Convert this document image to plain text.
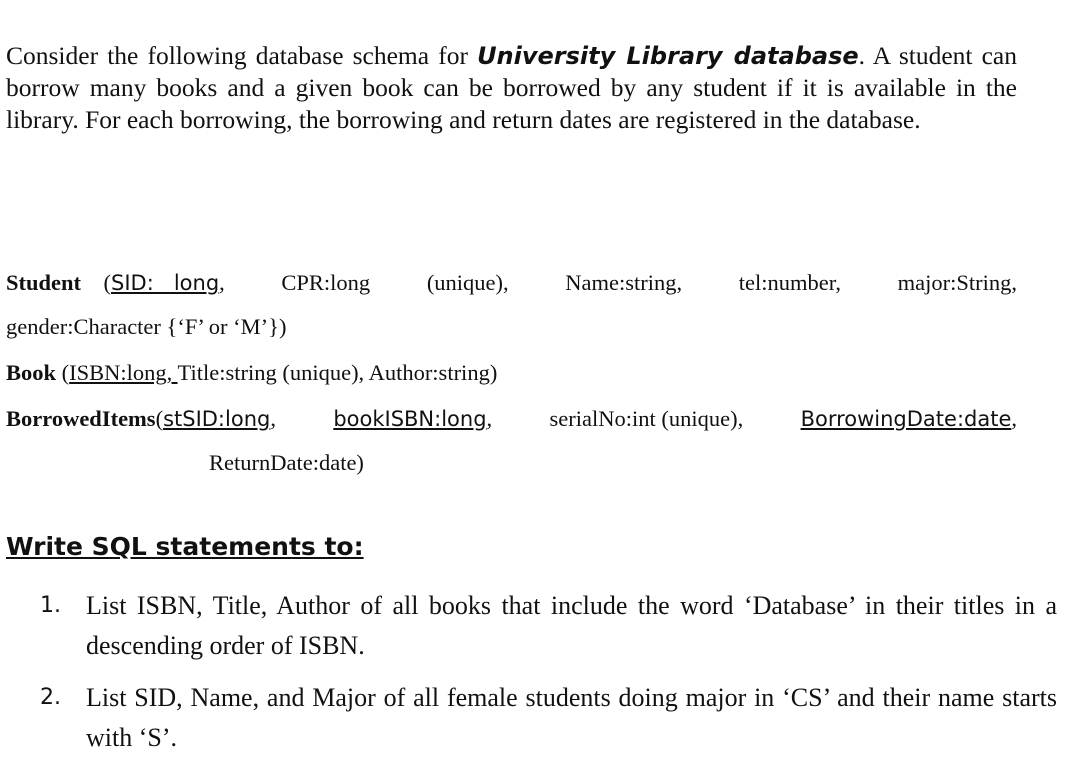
Consider the following database schema for University Library database. A student can borrow many books and a given book can be borrowed by any student if it is available in the library. For each borrowing, the borrowing and return dates are registered in the database.
Student (SID:   long,	CPR:long	(unique),	Name:string,	tel:number,	major:String,
gender:Character {‘F’ or ‘M’})
Book (ISBN:long, Title:string (unique), Author:string)
BorrowedItems(stSID:long,	bookISBN:long,	serialNo:int (unique),	BorrowingDate:date,
ReturnDate:date)
Write SQL statements to:
1. List ISBN, Title, Author of all books that include the word ‘Database’ in their titles in a descending order of ISBN.
2. List SID, Name, and Major of all female students doing major in ‘CS’ and their name starts with ‘S’.
